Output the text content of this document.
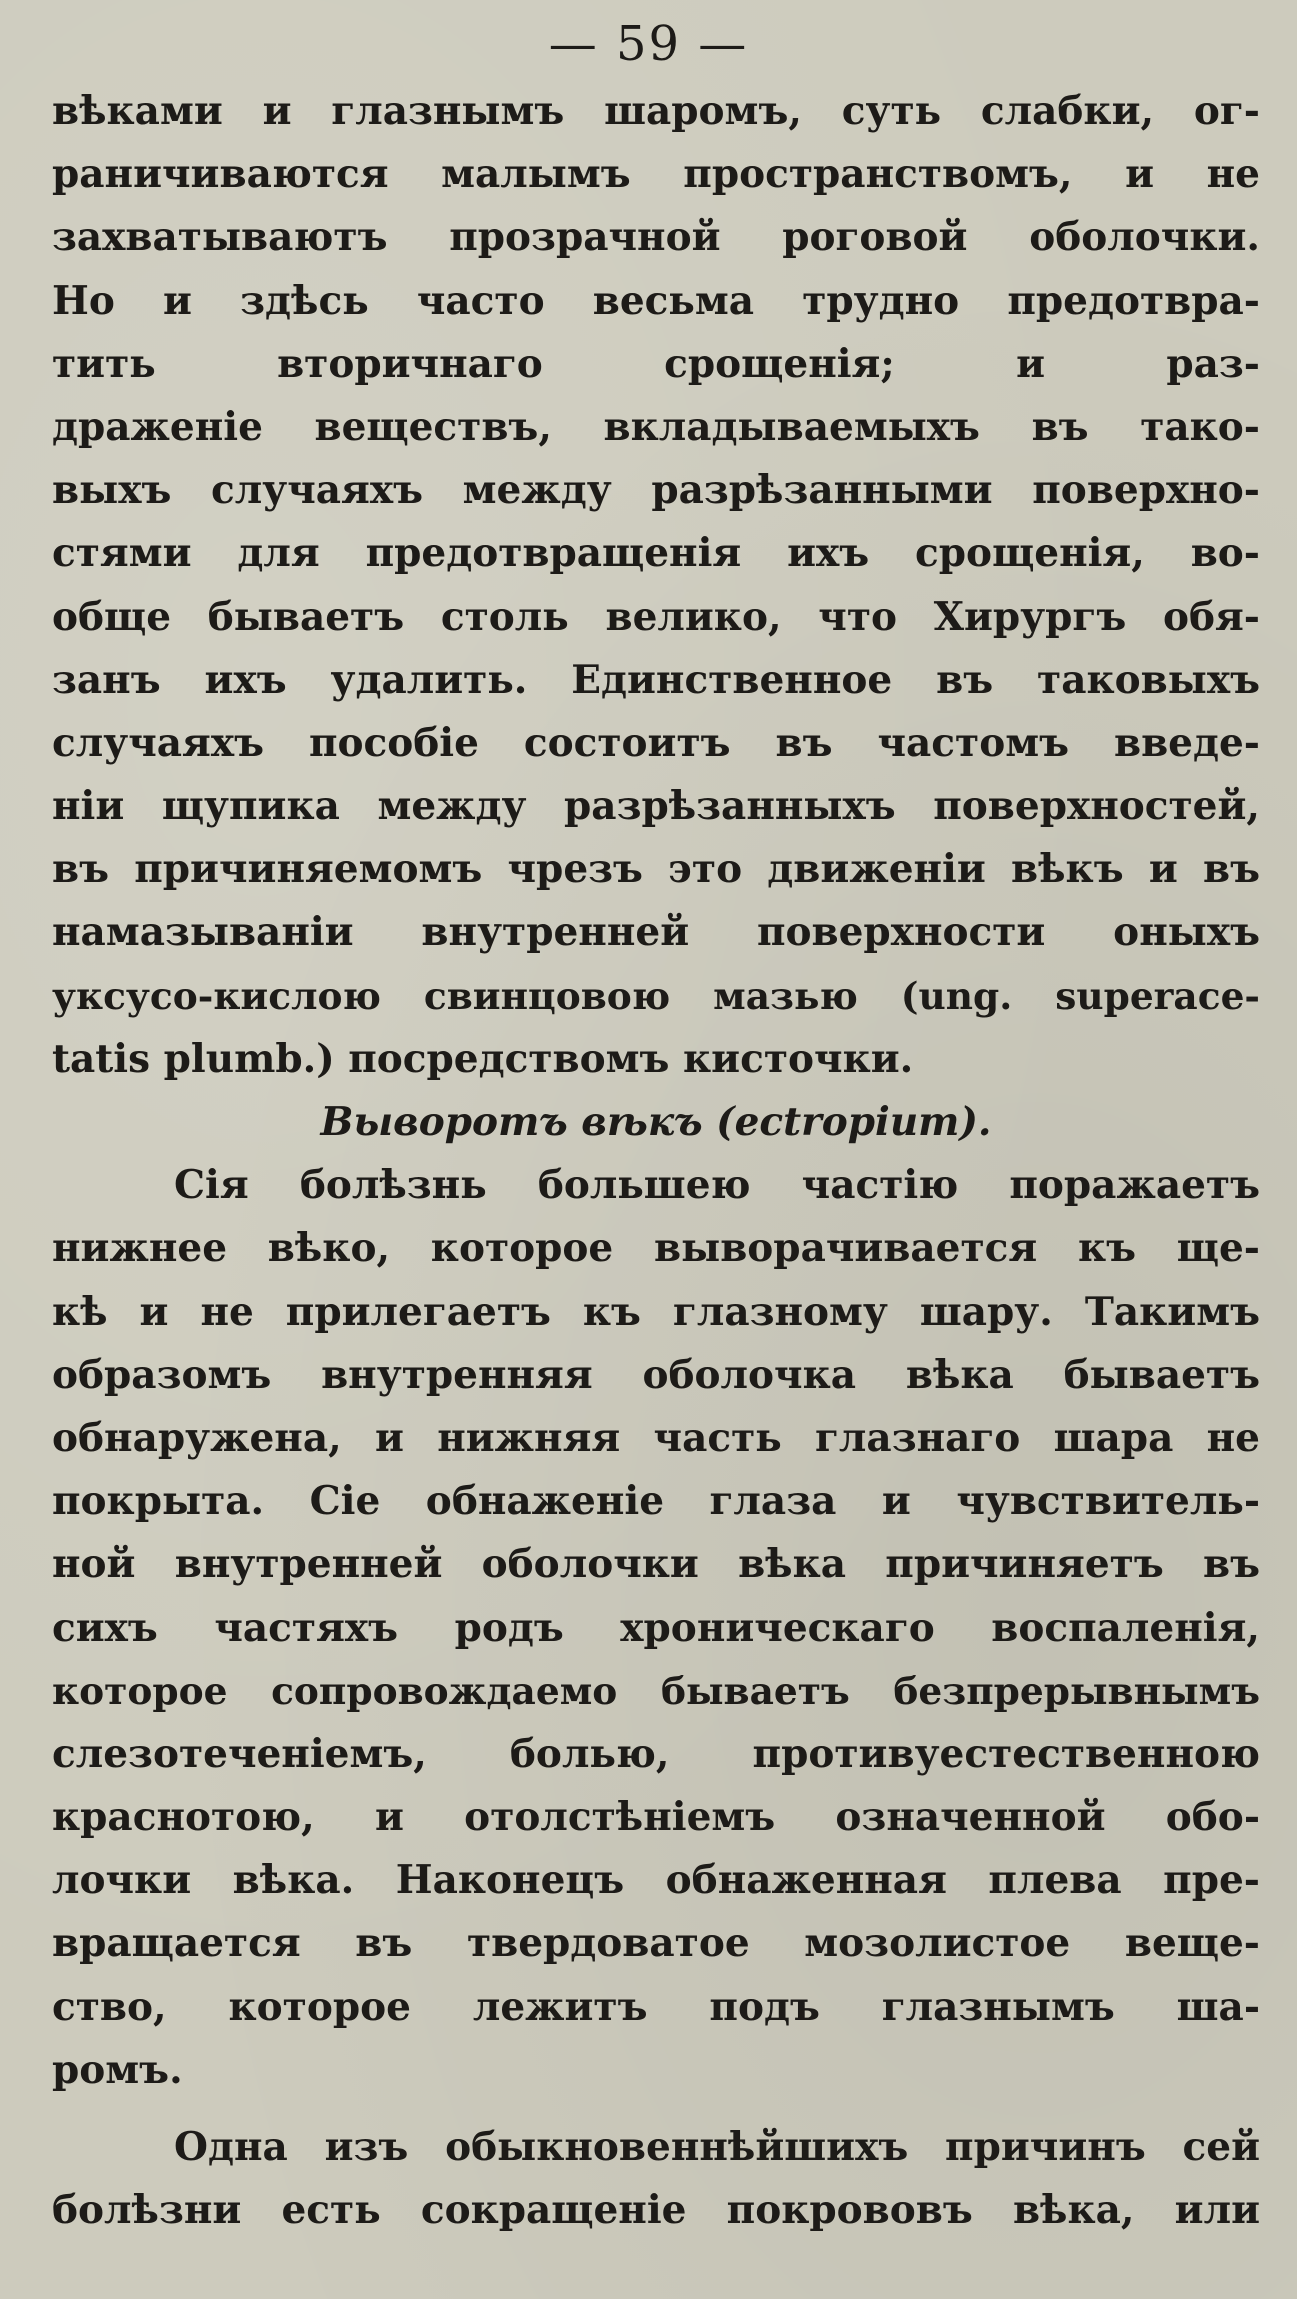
— 59 —
вѣками и глазнымъ шаромъ, суть слабки, ог-
раничиваются малымъ пространствомъ, и не
захватываютъ прозрачной роговой оболочки.
Но и здѣсь часто весьма трудно предотвра-
тить вторичнаго срощенія; и раз-
драженіе веществъ, вкладываемыхъ въ тако-
выхъ случаяхъ между разрѣзанными поверхно-
стями для предотвращенія ихъ срощенія, во-
обще бываетъ столь велико, что Хирургъ обя-
занъ ихъ удалить. Единственное въ таковыхъ
случаяхъ пособіе состоитъ въ частомъ введе-
ніи щупика между разрѣзанныхъ поверхностей,
въ причиняемомъ чрезъ это движеніи вѣкъ и въ
намазываніи внутренней поверхности оныхъ
уксусо-кислою свинцовою мазью (ung. superace-
tatis plumb.) посредствомъ кисточки.
Выворотъ вѣкъ (ectropium).
Сія болѣзнь большею частію поражаетъ
нижнее вѣко, которое выворачивается къ ще-
кѣ и не прилегаетъ къ глазному шару. Такимъ
образомъ внутренняя оболочка вѣка бываетъ
обнаружена, и нижняя часть глазнаго шара не
покрыта. Сіе обнаженіе глаза и чувствитель-
ной внутренней оболочки вѣка причиняетъ въ
сихъ частяхъ родъ хроническаго воспаленія,
которое сопровождаемо бываетъ безпрерывнымъ
слезотеченіемъ, болью, противуестественною
краснотою, и отолстѣніемъ означенной обо-
лочки вѣка. Наконецъ обнаженная плева пре-
вращается въ твердоватое мозолистое веще-
ство, которое лежитъ подъ глазнымъ ша-
ромъ.
Одна изъ обыкновеннѣйшихъ причинъ сей
болѣзни есть сокращеніе покрововъ вѣка, или
